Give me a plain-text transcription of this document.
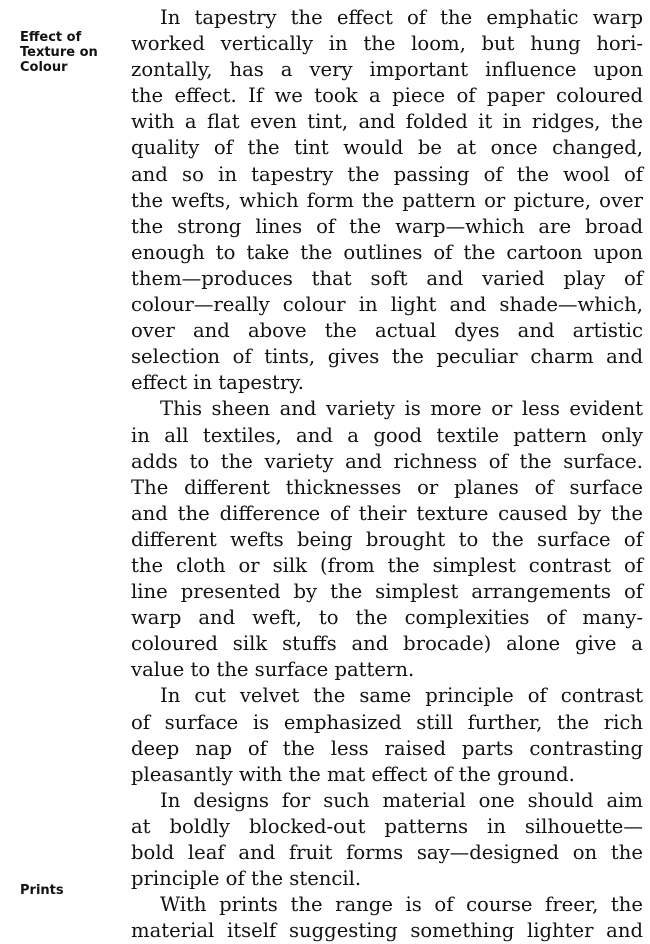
Effect of
Texture on
Colour
Prints
In tapestry the effect of the emphatic warp
worked vertically in the loom, but hung hori-
zontally, has a very important influence upon
the effect. If we took a piece of paper coloured
with a flat even tint, and folded it in ridges, the
quality of the tint would be at once changed,
and so in tapestry the passing of the wool of
the wefts, which form the pattern or picture, over
the strong lines of the warp—which are broad
enough to take the outlines of the cartoon upon
them—produces that soft and varied play of
colour—really colour in light and shade—which,
over and above the actual dyes and artistic
selection of tints, gives the peculiar charm and
effect in tapestry.
This sheen and variety is more or less evident
in all textiles, and a good textile pattern only
adds to the variety and richness of the surface.
The different thicknesses or planes of surface
and the difference of their texture caused by the
different wefts being brought to the surface of
the cloth or silk (from the simplest contrast of
line presented by the simplest arrangements of
warp and weft, to the complexities of many-
coloured silk stuffs and brocade) alone give a
value to the surface pattern.
In cut velvet the same principle of contrast
of surface is emphasized still further, the rich
deep nap of the less raised parts contrasting
pleasantly with the mat effect of the ground.
In designs for such material one should aim
at boldly blocked-out patterns in silhouette—
bold leaf and fruit forms say—designed on the
principle of the stencil.
With prints the range is of course freer, the
material itself suggesting something lighter and
